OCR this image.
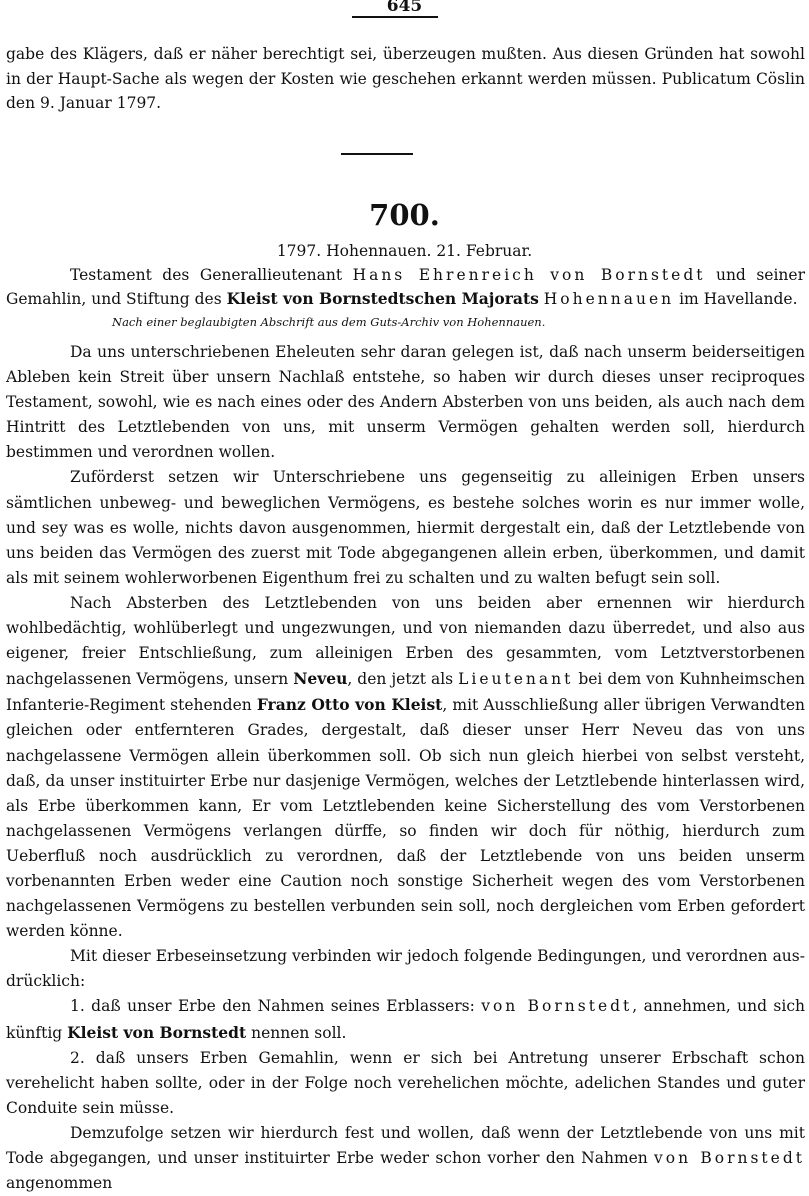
645
gabe des Klägers, daß er näher berechtigt sei, überzeugen mußten. Aus diesen Gründen hat sowohl in der Haupt-Sache als wegen der Kosten wie geschehen erkannt werden müssen. Publicatum Cöslin den 9. Januar 1797.
700.
1797. Hohennauen. 21. Februar.
Testament des Generallieutenant Hans Ehrenreich von Bornstedt und seiner Gemahlin, und Stiftung des Kleist von Bornstedtschen Majorats Hohennauen im Havellande.
Nach einer beglaubigten Abschrift aus dem Guts-Archiv von Hohennauen.

Da uns unterschriebenen Eheleuten sehr daran gelegen ist, daß nach unserm beiderseitigen Ableben kein Streit über unsern Nachlaß entstehe, so haben wir durch dieses unser reciproques Testament, sowohl, wie es nach eines oder des Andern Absterben von uns beiden, als auch nach dem Hintritt des Letztlebenden von uns, mit unserm Vermögen gehalten werden soll, hierdurch bestimmen und verordnen wollen.

Zuförderst setzen wir Unterschriebene uns gegenseitig zu alleinigen Erben unsers sämtlichen unbeweg- und beweglichen Vermögens, es bestehe solches worin es nur immer wolle, und sey was es wolle, nichts davon ausgenommen, hiermit dergestalt ein, daß der Letztlebende von uns beiden das Vermögen des zuerst mit Tode abgegangenen allein erben, überkommen, und damit als mit seinem wohlerworbenen Eigenthum frei zu schalten und zu walten befugt sein soll.

Nach Absterben des Letztlebenden von uns beiden aber ernennen wir hierdurch wohlbedächtig, wohlüberlegt und ungezwungen, und von niemanden dazu überredet, und also aus eigener, freier Entschließung, zum alleinigen Erben des gesammten, vom Letztverstorbenen nachgelassenen Vermögens, unsern Neveu, den jetzt als Lieutenant bei dem von Kuhnheimschen Infanterie-Regiment stehenden Franz Otto von Kleist, mit Ausschließung aller übrigen Verwandten gleichen oder entfernteren Grades, dergestalt, daß dieser unser Herr Neveu das von uns nachgelassene Vermögen allein überkommen soll. Ob sich nun gleich hierbei von selbst versteht, daß, da unser instituirter Erbe nur dasjenige Vermögen, welches der Letztlebende hinterlassen wird, als Erbe überkommen kann, Er vom Letztlebenden keine Sicherstellung des vom Verstorbenen nachgelassenen Vermögens verlangen dürffe, so finden wir doch für nöthig, hierdurch zum Ueberfluß noch ausdrücklich zu verordnen, daß der Letztlebende von uns beiden unserm vorbenannten Erben weder eine Caution noch sonstige Sicherheit wegen des vom Verstorbenen nachgelassenen Vermögens zu bestellen verbunden sein soll, noch dergleichen vom Erben gefordert werden könne.

Mit dieser Erbeseinsetzung verbinden wir jedoch folgende Bedingungen, und verordnen ausdrücklich:

1. daß unser Erbe den Nahmen seines Erblassers: von Bornstedt, annehmen, und sich künftig Kleist von Bornstedt nennen soll.

2. daß unsers Erben Gemahlin, wenn er sich bei Antretung unserer Erbschaft schon verehelicht haben sollte, oder in der Folge noch verehelichen möchte, adelichen Standes und guter Conduite sein müsse.

Demzufolge setzen wir hierdurch fest und wollen, daß wenn der Letztlebende von uns mit Tode abgegangen, und unser instituirter Erbe weder schon vorher den Nahmen von Bornstedt angenommen
